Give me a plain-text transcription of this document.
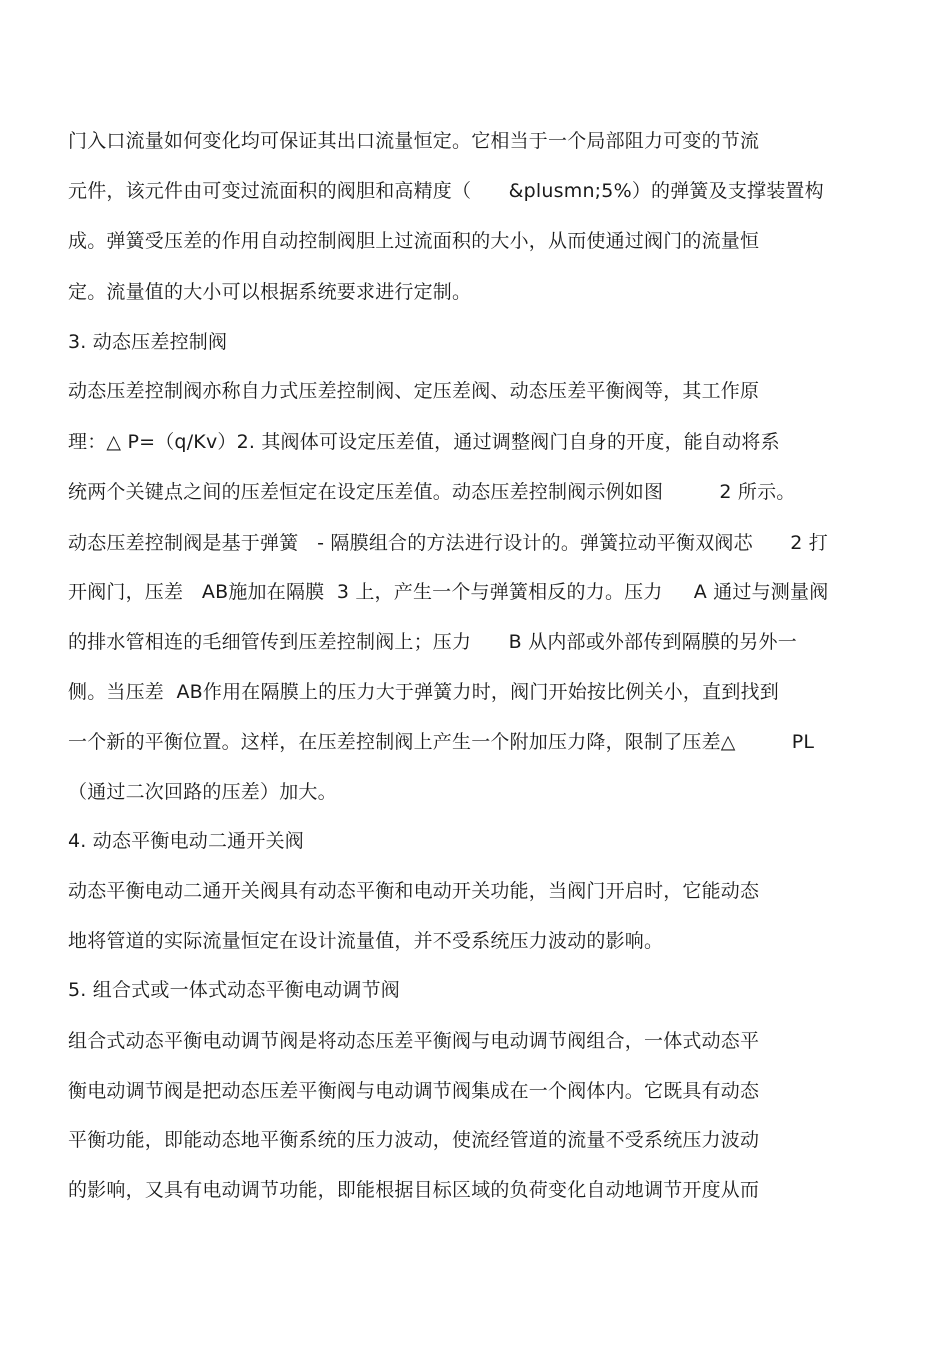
门入口流量如何变化均可保证其出口流量恒定。它相当于一个局部阻力可变的节流
元件，该元件由可变过流面积的阀胆和高精度（      &plusmn;5%）的弹簧及支撑装置构
成。弹簧受压差的作用自动控制阀胆上过流面积的大小，从而使通过阀门的流量恒
定。流量值的大小可以根据系统要求进行定制。
3. 动态压差控制阀
动态压差控制阀亦称自力式压差控制阀、定压差阀、动态压差平衡阀等，其工作原
理：△ P=（q/Kv）2. 其阀体可设定压差值，通过调整阀门自身的开度，能自动将系
统两个关键点之间的压差恒定在设定压差值。动态压差控制阀示例如图         2 所示。
动态压差控制阀是基于弹簧   - 隔膜组合的方法进行设计的。弹簧拉动平衡双阀芯      2 打
开阀门，压差   AB施加在隔膜  3 上，产生一个与弹簧相反的力。压力     A 通过与测量阀
的排水管相连的毛细管传到压差控制阀上；压力      B 从内部或外部传到隔膜的另外一
侧。当压差  AB作用在隔膜上的压力大于弹簧力时，阀门开始按比例关小，直到找到
一个新的平衡位置。这样，在压差控制阀上产生一个附加压力降，限制了压差△         PL
（通过二次回路的压差）加大。
4. 动态平衡电动二通开关阀
动态平衡电动二通开关阀具有动态平衡和电动开关功能，当阀门开启时，它能动态
地将管道的实际流量恒定在设计流量值，并不受系统压力波动的影响。
5. 组合式或一体式动态平衡电动调节阀
组合式动态平衡电动调节阀是将动态压差平衡阀与电动调节阀组合，一体式动态平
衡电动调节阀是把动态压差平衡阀与电动调节阀集成在一个阀体内。它既具有动态
平衡功能，即能动态地平衡系统的压力波动，使流经管道的流量不受系统压力波动
的影响，又具有电动调节功能，即能根据目标区域的负荷变化自动地调节开度从而
